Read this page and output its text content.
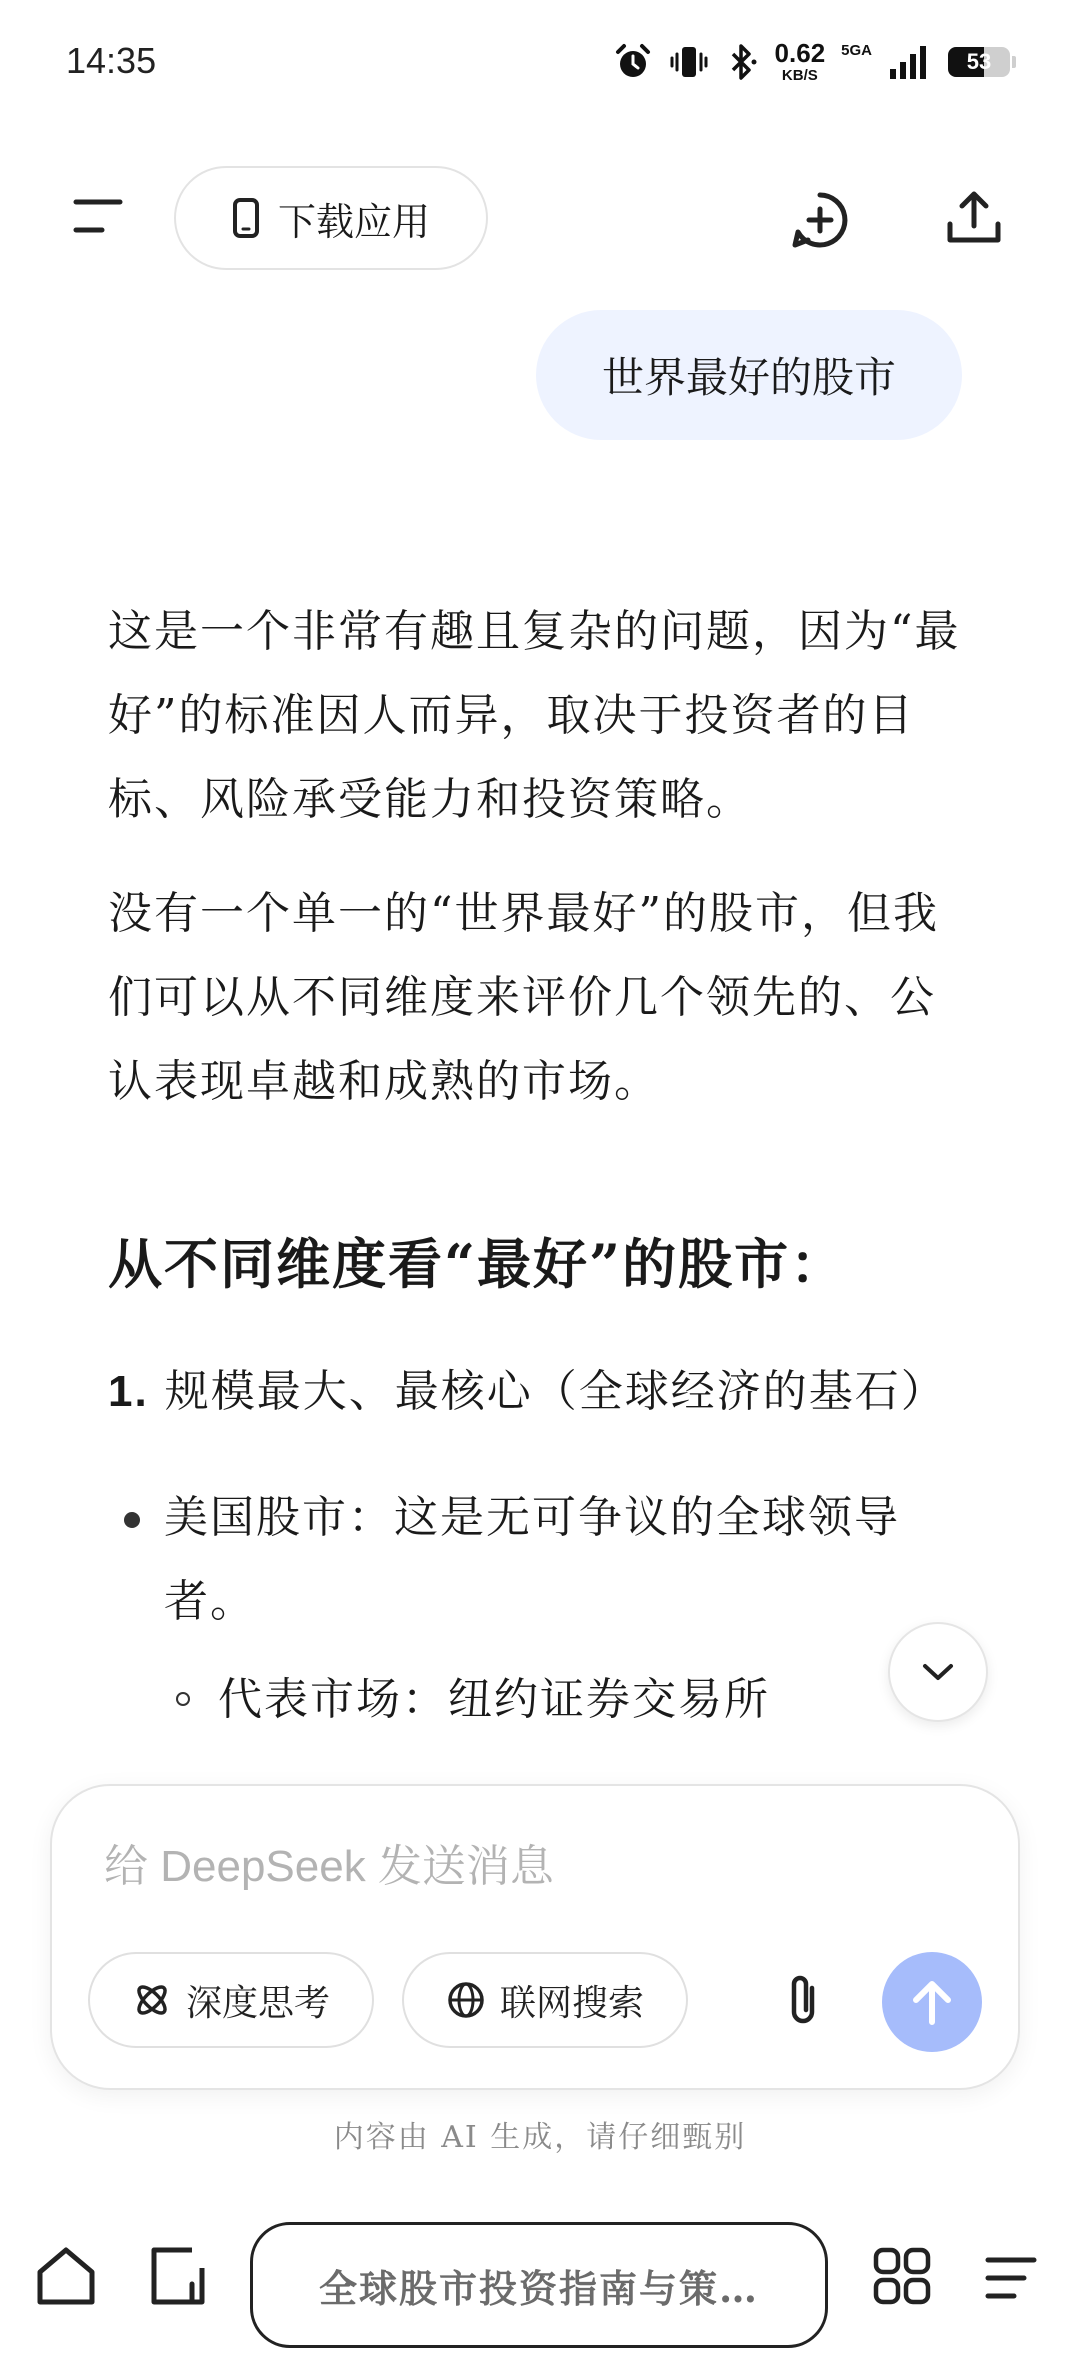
14:35	0.62
KB/S
5GA	53
下载应用
世界最好的股市

这是一个非常有趣且复杂的问题，因为“最好”的标准因人而异，取决于投资者的目标、风险承受能力和投资策略。

没有一个单一的“世界最好”的股市，但我们可以从不同维度来评价几个领先的、公认表现卓越和成熟的市场。

从不同维度看“最好”的股市：
1. 规模最大、最核心（全球经济的基石）
美国股市：这是无可争议的全球领导者。
代表市场：纽约证券交易所
给 DeepSeek 发送消息
深度思考	联网搜索
内容由 AI 生成，请仔细甄别
全球股市投资指南与策…
